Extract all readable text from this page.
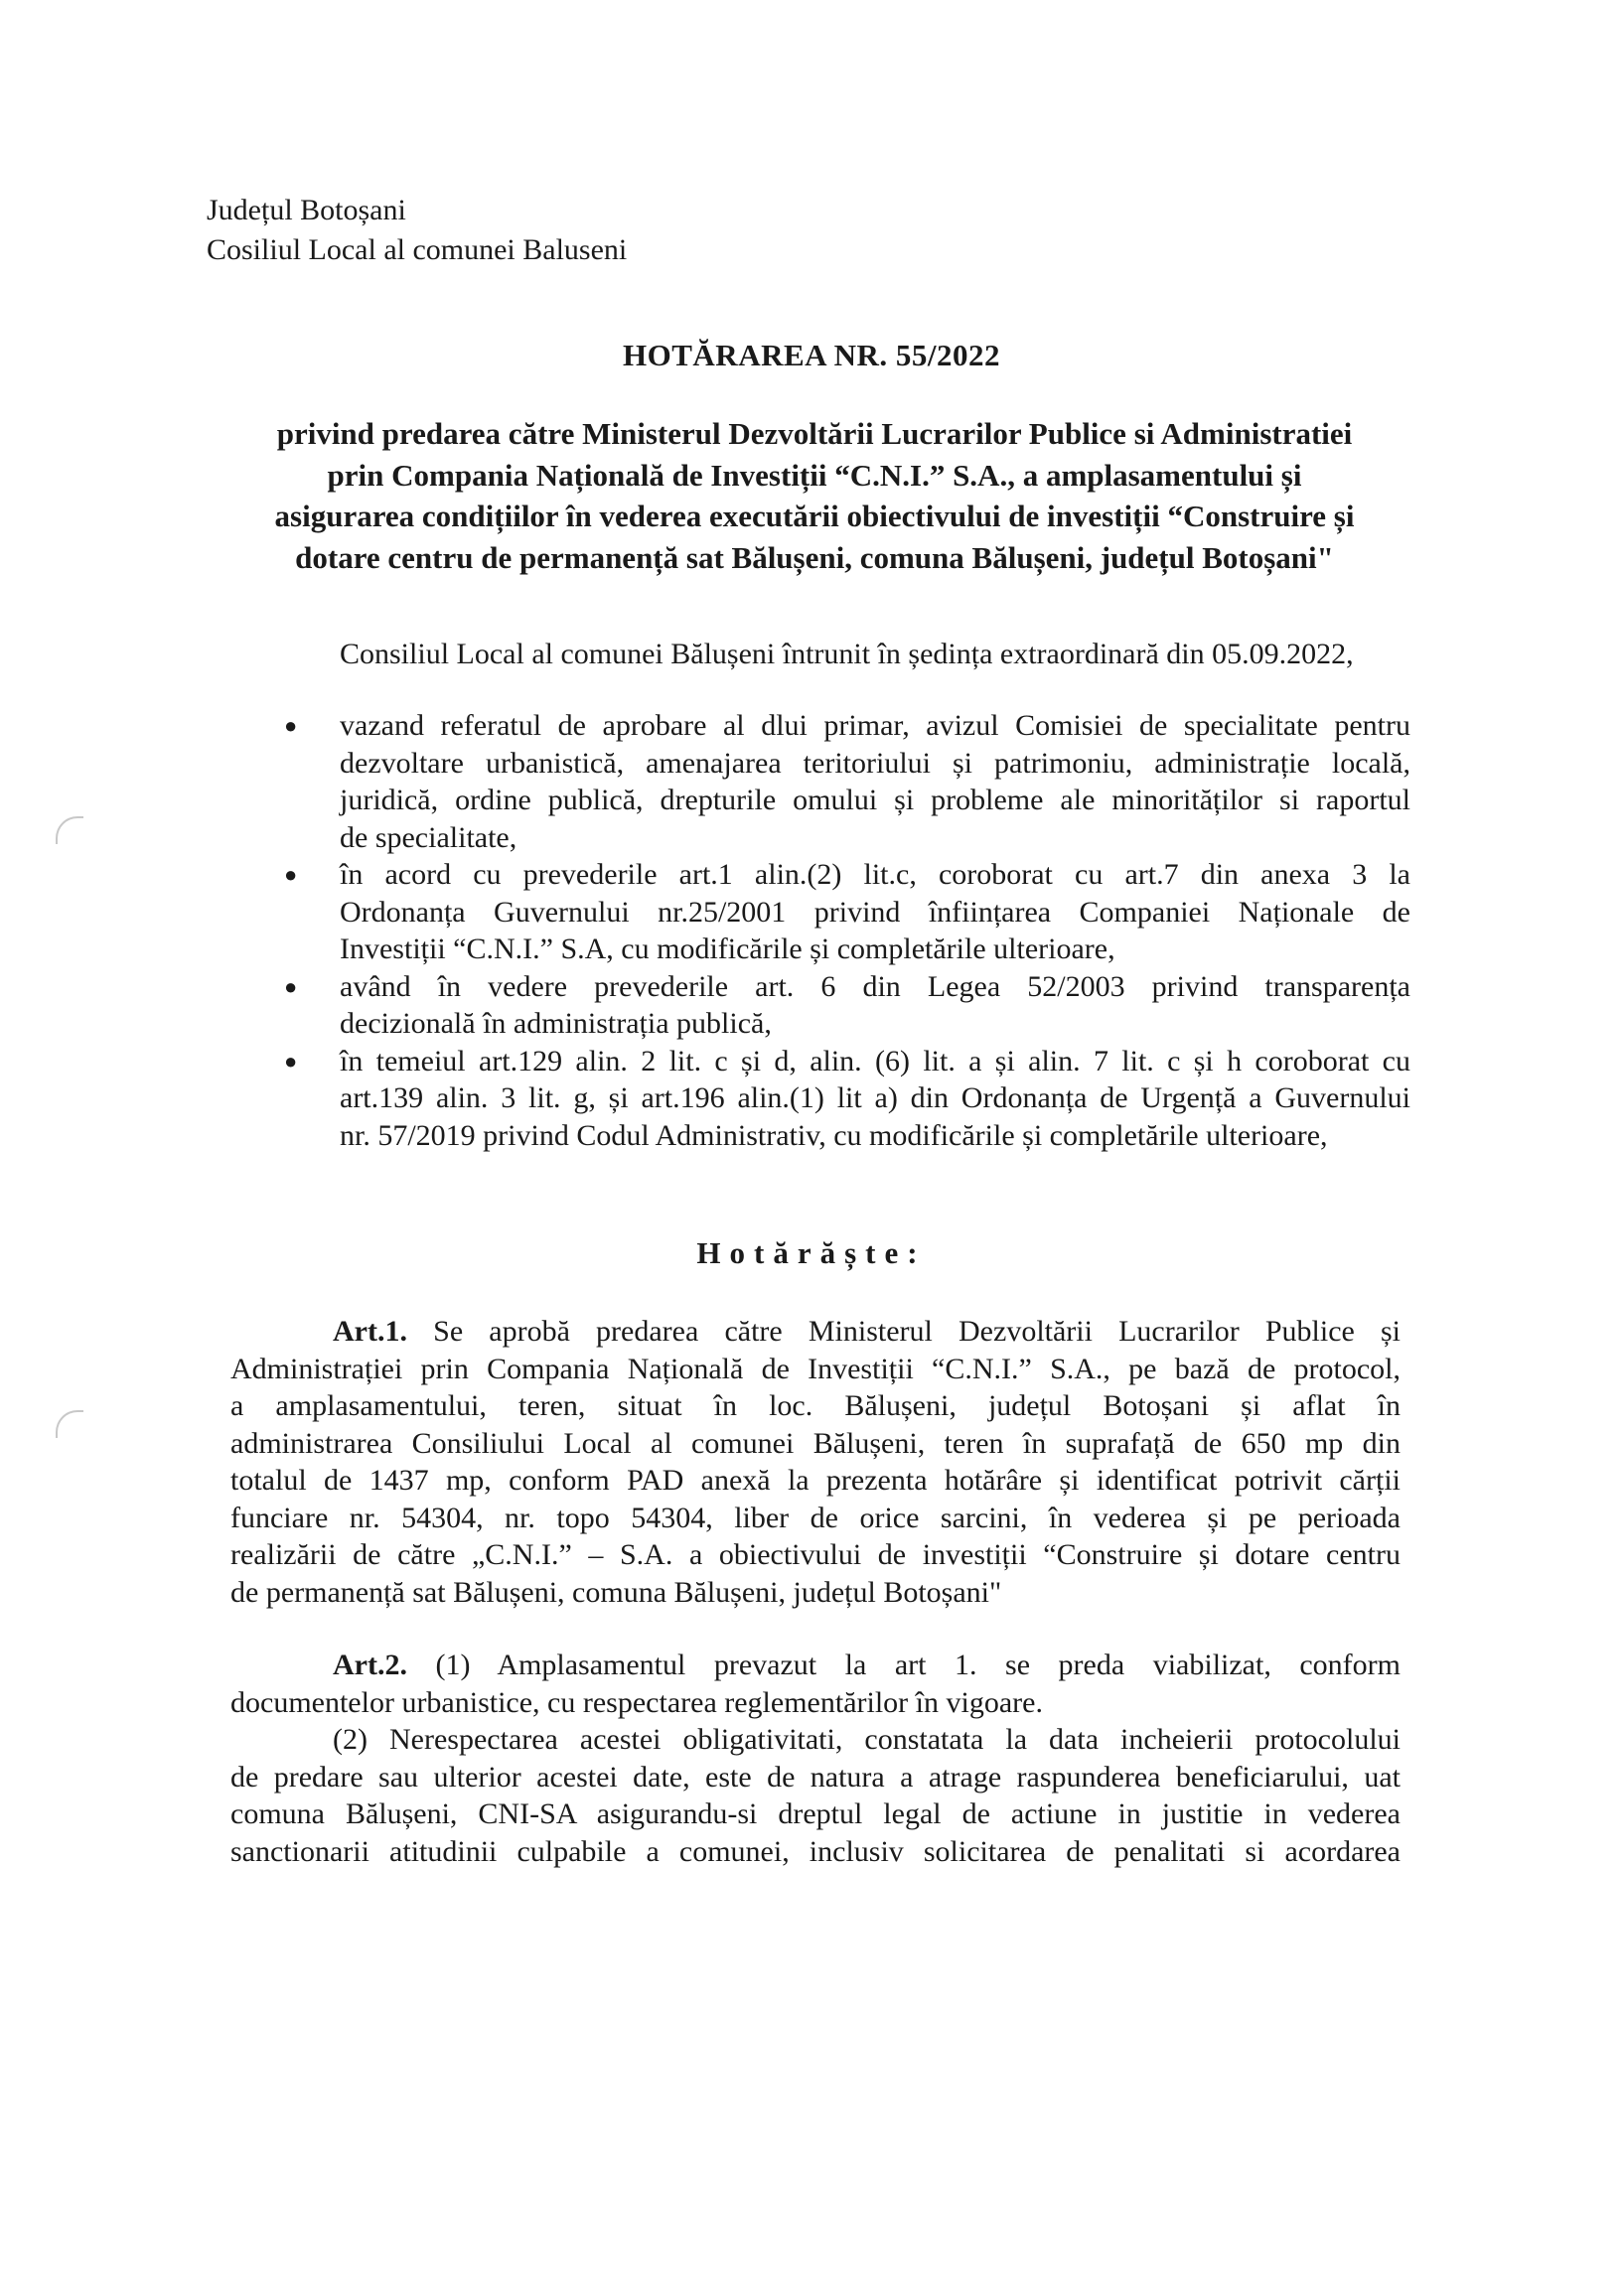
Județul Botoșani
Cosiliul Local al comunei Baluseni
HOTĂRAREA NR. 55/2022
privind predarea către Ministerul Dezvoltării Lucrarilor Publice si Administratiei
prin Compania Națională de Investiții “C.N.I.” S.A., a amplasamentului și
asigurarea condițiilor în vederea executării obiectivului de investiții “Construire și
dotare centru de permanență sat Bălușeni, comuna Bălușeni, județul Botoșani"
Consiliul Local al comunei Bălușeni întrunit în ședința extraordinară din 05.09.2022,
● vazand referatul de aprobare al dlui primar, avizul Comisiei de specialitate pentru
dezvoltare urbanistică, amenajarea teritoriului și patrimoniu, administrație locală,
juridică, ordine publică, drepturile omului și probleme ale minorităților si raportul
de specialitate,
● în acord cu prevederile art.1 alin.(2) lit.c, coroborat cu art.7 din anexa 3 la
Ordonanța Guvernului nr.25/2001 privind înființarea Companiei Naționale de
Investiții “C.N.I.” S.A, cu modificările și completările ulterioare,
● având în vedere prevederile art. 6 din Legea 52/2003 privind transparența
decizională în administrația publică,
● în temeiul art.129 alin. 2 lit. c și d, alin. (6) lit. a și alin. 7 lit. c și h coroborat cu
art.139 alin. 3 lit. g, și art.196 alin.(1) lit a) din Ordonanța de Urgență a Guvernului
nr. 57/2019 privind Codul Administrativ, cu modificările și completările ulterioare,
Hotărăște:
Art.1. Se aprobă predarea către Ministerul Dezvoltării Lucrarilor Publice și
Administrației prin Compania Națională de Investiții “C.N.I.” S.A., pe bază de protocol,
a amplasamentului, teren, situat în loc. Bălușeni, județul Botoșani și aflat în
administrarea Consiliului Local al comunei Bălușeni, teren în suprafață de 650 mp din
totalul de 1437 mp, conform PAD anexă la prezenta hotărâre și identificat potrivit cărții
funciare nr. 54304, nr. topo 54304, liber de orice sarcini, în vederea și pe perioada
realizării de către „C.N.I.” – S.A. a obiectivului de investiții “Construire și dotare centru
de permanență sat Bălușeni, comuna Bălușeni, județul Botoșani"
Art.2. (1) Amplasamentul prevazut la art 1. se preda viabilizat, conform
documentelor urbanistice, cu respectarea reglementărilor în vigoare.
(2) Nerespectarea acestei obligativitati, constatata la data incheierii protocolului
de predare sau ulterior acestei date, este de natura a atrage raspunderea beneficiarului, uat
comuna Bălușeni, CNI-SA asigurandu-si dreptul legal de actiune in justitie in vederea
sanctionarii atitudinii culpabile a comunei, inclusiv solicitarea de penalitati si acordarea
